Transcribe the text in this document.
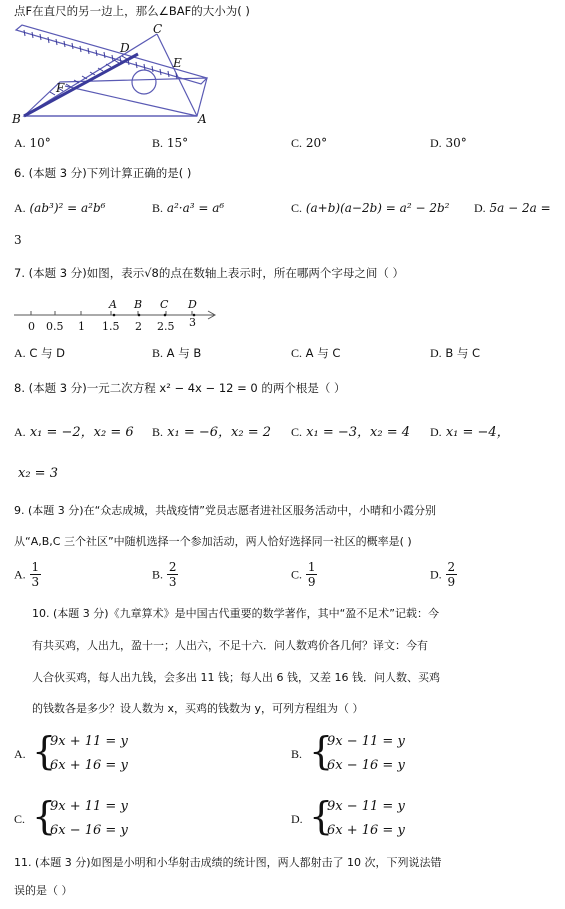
点F在直尺的另一边上，那么∠BAF的大小为( )
B	A
C
D
E
F
A. 10°	B. 15°	C. 20°	D. 30°
6. (本题 3 分)下列计算正确的是( )
A. (ab³)² = a²b⁶	B. a²·a³ = a⁶	C. (a+b)(a−2b) = a² − 2b² D. 5a − 2a =
3
7. (本题 3 分)如图，表示√8的点在数轴上表示时，所在哪两个字母之间（ ）
A B C D
0 0.5 1 1.5 2 2.5 3
A. C 与 D	B. A 与 B	C. A 与 C	D. B 与 C
8. (本题 3 分)一元二次方程 x² − 4x − 12 = 0 的两个根是（ ）
A. x₁ = −2，x₂ = 6 B. x₁ = −6，x₂ = 2 C. x₁ = −3，x₂ = 4 D. x₁ = −4，
x₂ = 3
9. (本题 3 分)在“众志成城，共战疫情”党员志愿者进社区服务活动中，小晴和小霞分别
从“A,B,C 三个社区”中随机选择一个参加活动，两人恰好选择同一社区的概率是( )
A. $\frac{1}{3}$	B. $\frac{2}{3}$	C. $\frac{1}{9}$	D. $\frac{2}{9}$
10. (本题 3 分)《九章算术》是中国古代重要的数学著作，其中“盈不足术”记载：今
有共买鸡，人出九，盈十一；人出六，不足十六．问人数鸡价各几何？译文：今有
人合伙买鸡，每人出九钱，会多出 11 钱；每人出 6 钱，又差 16 钱．问人数、买鸡
的钱数各是多少？设人数为 x，买鸡的钱数为 y，可列方程组为（ ）
A. {
9x + 11 = y
6x + 16 = y
B. {
9x − 11 = y
6x − 16 = y
C. {
9x + 11 = y
6x − 16 = y
D. {
9x − 11 = y
6x + 16 = y
11. (本题 3 分)如图是小明和小华射击成绩的统计图，两人都射击了 10 次，下列说法错
误的是（ ）
